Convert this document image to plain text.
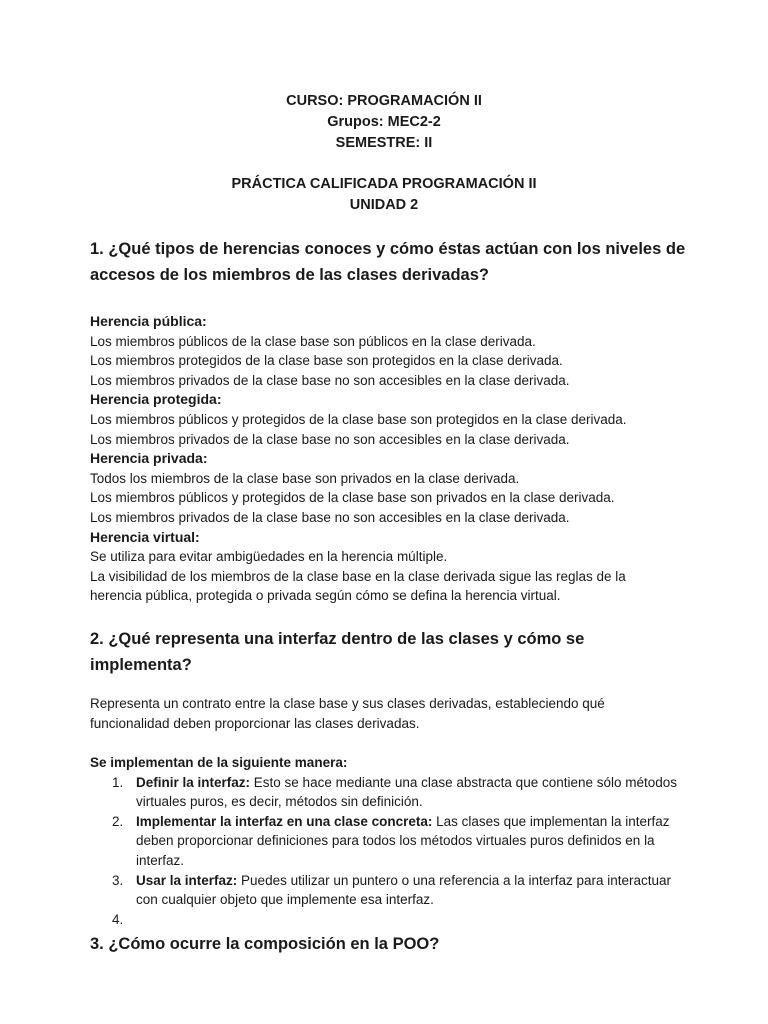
CURSO: PROGRAMACIÓN II
Grupos: MEC2-2
SEMESTRE: II
PRÁCTICA CALIFICADA PROGRAMACIÓN II
UNIDAD 2
1. ¿Qué tipos de herencias conoces y cómo éstas actúan con los niveles de
accesos de los miembros de las clases derivadas?

Herencia pública:

Los miembros públicos de la clase base son públicos en la clase derivada.

Los miembros protegidos de la clase base son protegidos en la clase derivada.

Los miembros privados de la clase base no son accesibles en la clase derivada.

Herencia protegida:

Los miembros públicos y protegidos de la clase base son protegidos en la clase derivada.

Los miembros privados de la clase base no son accesibles en la clase derivada.

Herencia privada:

Todos los miembros de la clase base son privados en la clase derivada.

Los miembros públicos y protegidos de la clase base son privados en la clase derivada.

Los miembros privados de la clase base no son accesibles en la clase derivada.

Herencia virtual:

Se utiliza para evitar ambigüedades en la herencia múltiple.

La visibilidad de los miembros de la clase base en la clase derivada sigue las reglas de la

herencia pública, protegida o privada según cómo se defina la herencia virtual.

2. ¿Qué representa una interfaz dentro de las clases y cómo se implementa?

Representa un contrato entre la clase base y sus clases derivadas, estableciendo qué

funcionalidad deben proporcionar las clases derivadas.

Se implementan de la siguiente manera:

1. Definir la interfaz: Esto se hace mediante una clase abstracta que contiene sólo métodos virtuales puros, es decir, métodos sin definición.
2. Implementar la interfaz en una clase concreta: Las clases que implementan la interfaz deben proporcionar definiciones para todos los métodos virtuales puros definidos en la interfaz.
3. Usar la interfaz: Puedes utilizar un puntero o una referencia a la interfaz para interactuar con cualquier objeto que implemente esa interfaz.
4.
3. ¿Cómo ocurre la composición en la POO?
